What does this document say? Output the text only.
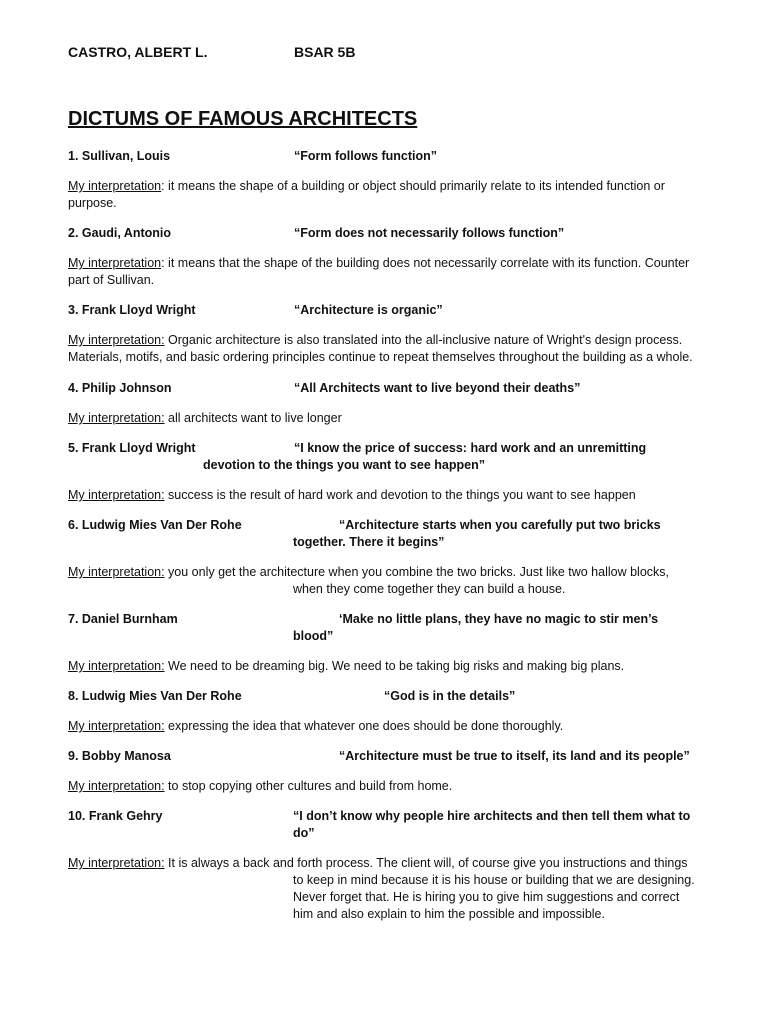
CASTRO, ALBERT L.	BSAR 5B
DICTUMS OF FAMOUS ARCHITECTS
1. Sullivan, Louis	“Form follows function”
My interpretation: it means the shape of a building or object should primarily relate to its intended function or
purpose.
2. Gaudi, Antonio	“Form does not necessarily follows function”
My interpretation: it means that the shape of the building does not necessarily correlate with its function. Counter
part of Sullivan.
3. Frank Lloyd Wright	“Architecture is organic”
My interpretation: Organic architecture is also translated into the all-inclusive nature of Wright's design process.
Materials, motifs, and basic ordering principles continue to repeat themselves throughout the building as a whole.
4. Philip Johnson	“All Architects want to live beyond their deaths”
My interpretation: all architects want to live longer
5. Frank Lloyd Wright	“I know the price of success: hard work and an unremitting
devotion to the things you want to see happen”
My interpretation: success is the result of hard work and devotion to the things you want to see happen
6. Ludwig Mies Van Der Rohe	“Architecture starts when you carefully put two bricks
together. There it begins”
My interpretation: you only get the architecture when you combine the two bricks. Just like two hallow blocks,
when they come together they can build a house.
7. Daniel Burnham	‘Make no little plans, they have no magic to stir men’s
blood”
My interpretation: We need to be dreaming big. We need to be taking big risks and making big plans.
8. Ludwig Mies Van Der Rohe	“God is in the details”
My interpretation: expressing the idea that whatever one does should be done thoroughly.
9. Bobby Manosa	“Architecture must be true to itself, its land and its people”
My interpretation: to stop copying other cultures and build from home.
10. Frank Gehry	“I don’t know why people hire architects and then tell them what to
do”
My interpretation: It is always a back and forth process. The client will, of course give you instructions and things
to keep in mind because it is his house or building that we are designing.
Never forget that. He is hiring you to give him suggestions and correct
him and also explain to him the possible and impossible.
